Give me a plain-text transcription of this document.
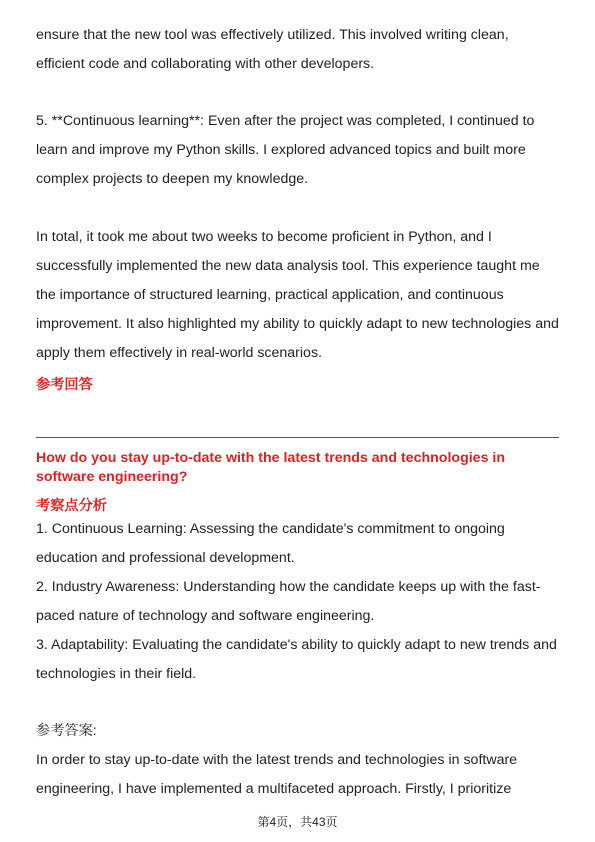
ensure that the new tool was effectively utilized. This involved writing clean, efficient code and collaborating with other developers.

5. **Continuous learning**: Even after the project was completed, I continued to learn and improve my Python skills. I explored advanced topics and built more complex projects to deepen my knowledge.

In total, it took me about two weeks to become proficient in Python, and I successfully implemented the new data analysis tool. This experience taught me the importance of structured learning, practical application, and continuous improvement. It also highlighted my ability to quickly adapt to new technologies and apply them effectively in real-world scenarios.

参考回答

How do you stay up-to-date with the latest trends and technologies in software engineering?

考察点分析

1. Continuous Learning: Assessing the candidate's commitment to ongoing education and professional development.

2. Industry Awareness: Understanding how the candidate keeps up with the fast-paced nature of technology and software engineering.

3. Adaptability: Evaluating the candidate's ability to quickly adapt to new trends and technologies in their field.

参考答案:

In order to stay up-to-date with the latest trends and technologies in software engineering, I have implemented a multifaceted approach. Firstly, I prioritize

第4页，共43页
